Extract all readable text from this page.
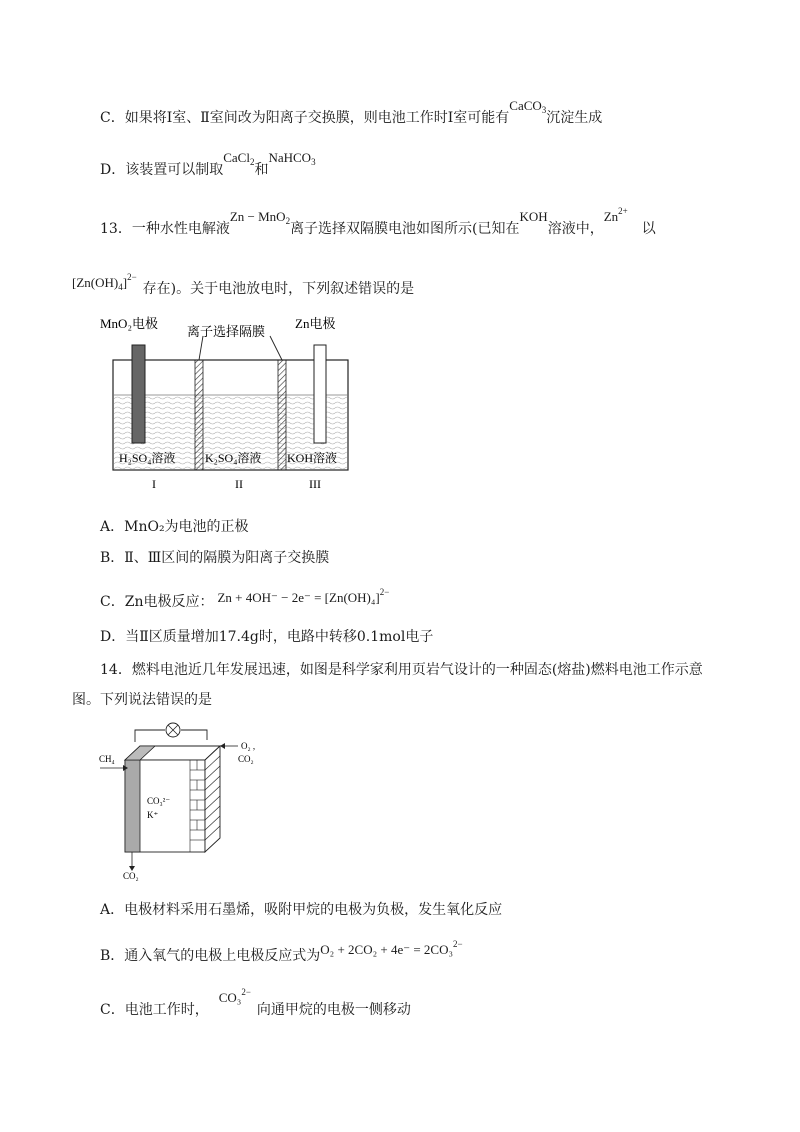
C．如果将Ⅰ室、Ⅱ室间改为阳离子交换膜，则电池工作时Ⅰ室可能有CaCO$_3$沉淀生成
D．该装置可以制取CaCl$_2$和NaHCO$_3$
13．一种水性电解液Zn − MnO$_2$离子选择双隔膜电池如图所示(已知在KOH溶液中，$Zn^{2+}$以
$[Zn(OH)_4]^{2-}$存在)。关于电池放电时，下列叙述错误的是
MnO₂电极
离子选择隔膜
Zn电极
H₂SO₄溶液 K₂SO₄溶液 KOH溶液
I	II	III
A．MnO₂为电池的正极
B．Ⅱ、Ⅲ区间的隔膜为阳离子交换膜
C．Zn电极反应： $Zn + 4OH^- - 2e^- = [Zn(OH)_4]^{2-}$
D．当Ⅱ区质量增加17.4g时，电路中转移0.1mol电子
14．燃料电池近几年发展迅速，如图是科学家利用页岩气设计的一种固态(熔盐)燃料电池工作示意
图。下列说法错误的是
CH₄
O₂ ,
CO₂
CO₃²⁻
K⁺
CO₂
A．电极材料采用石墨烯，吸附甲烷的电极为负极，发生氧化反应
B．通入氧气的电极上电极反应式为O₂ + 2CO₂ + 4e⁻ = 2CO₃$^{2-}$
C．电池工作时，CO₃$^{2-}$向通甲烷的电极一侧移动
